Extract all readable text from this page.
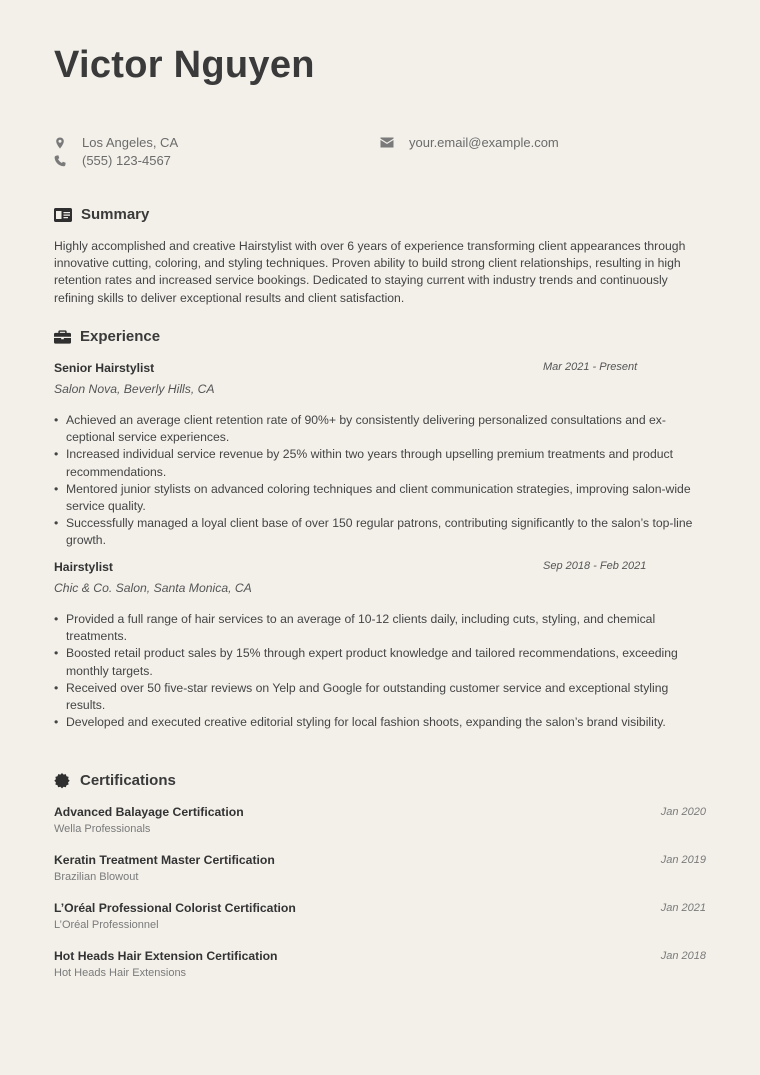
Victor Nguyen
Los Angeles, CA
(555) 123-4567
your.email@example.com
Summary
Highly accomplished and creative Hairstylist with over 6 years of experience transforming client appearances through innovative cutting, coloring, and styling techniques. Proven ability to build strong client relationships, resulting in high retention rates and increased service bookings. Dedicated to staying current with industry trends and continuously refining skills to deliver exceptional results and client satisfaction.
Experience
Senior Hairstylist	Mar 2021 - Present
Salon Nova, Beverly Hills, CA
• Achieved an average client retention rate of 90%+ by consistently delivering personalized consultations and exceptional service experiences.
• Increased individual service revenue by 25% within two years through upselling premium treatments and product recommendations.
• Mentored junior stylists on advanced coloring techniques and client communication strategies, improving salon-wide service quality.
• Successfully managed a loyal client base of over 150 regular patrons, contributing significantly to the salon’s top-line growth.
Hairstylist	Sep 2018 - Feb 2021
Chic & Co. Salon, Santa Monica, CA
• Provided a full range of hair services to an average of 10-12 clients daily, including cuts, styling, and chemical treatments.
• Boosted retail product sales by 15% through expert product knowledge and tailored recommendations, exceeding monthly targets.
• Received over 50 five-star reviews on Yelp and Google for outstanding customer service and exceptional styling results.
• Developed and executed creative editorial styling for local fashion shoots, expanding the salon’s brand visibility.
Certifications
Advanced Balayage Certification	Jan 2020
Wella Professionals
Keratin Treatment Master Certification	Jan 2019
Brazilian Blowout
L’Oréal Professional Colorist Certification	Jan 2021
L’Oréal Professionnel
Hot Heads Hair Extension Certification	Jan 2018
Hot Heads Hair Extensions
